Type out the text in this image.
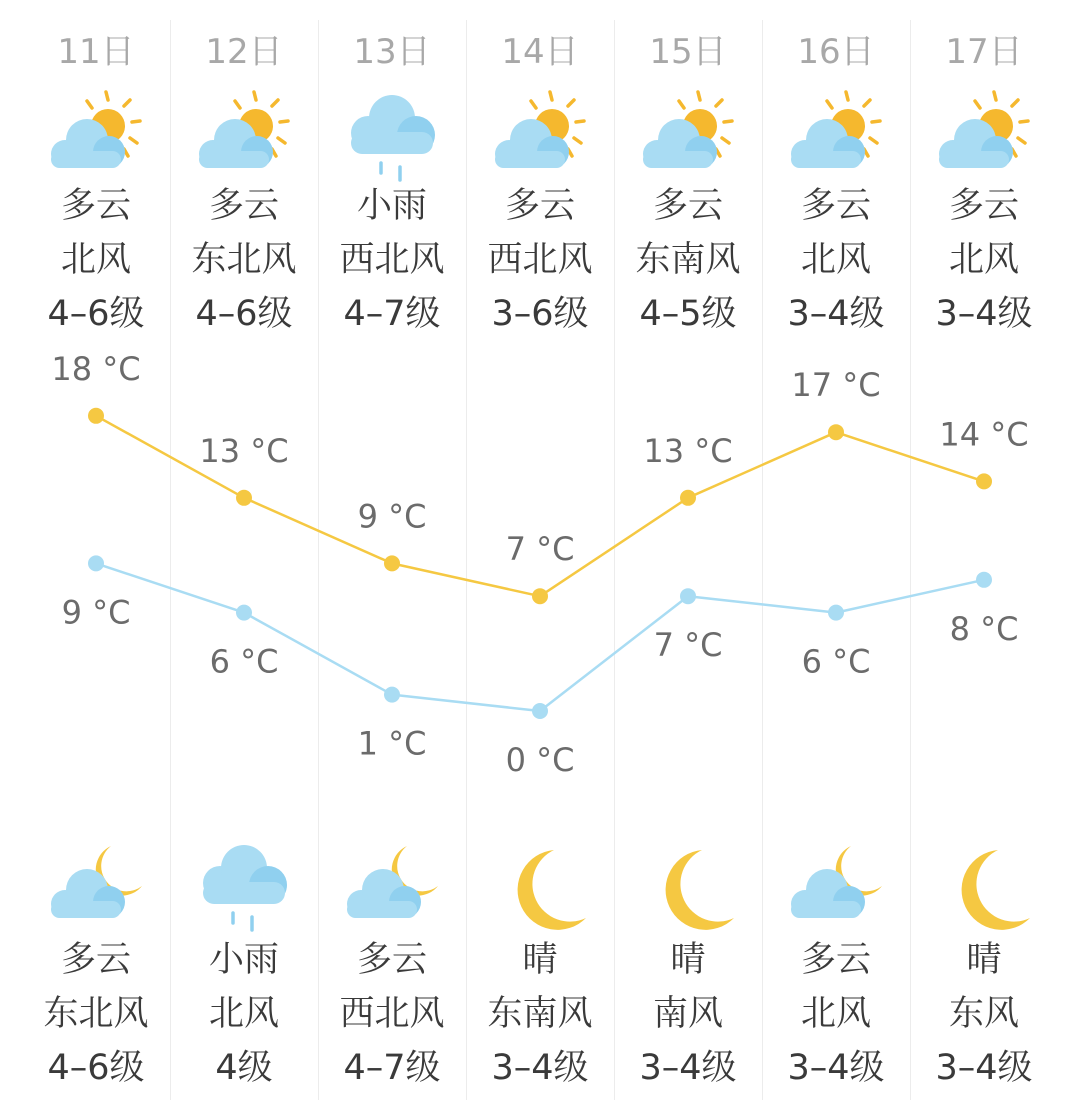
11日
多云
北风
4–6级
多云
东北风
4–6级
12日
多云
东北风
4–6级
小雨
北风
4级
13日
小雨
西北风
4–7级
多云
西北风
4–7级
14日
多云
西北风
3–6级
晴
东南风
3–4级
15日
多云
东南风
4–5级
晴
南风
3–4级
16日
多云
北风
3–4级
多云
北风
3–4级
17日
多云
北风
3–4级
晴
东风
3–4级
18 °C
13 °C
9 °C
7 °C
13 °C
17 °C
14 °C
9 °C
6 °C
1 °C 0 °C
7 °C 6 °C
8 °C
